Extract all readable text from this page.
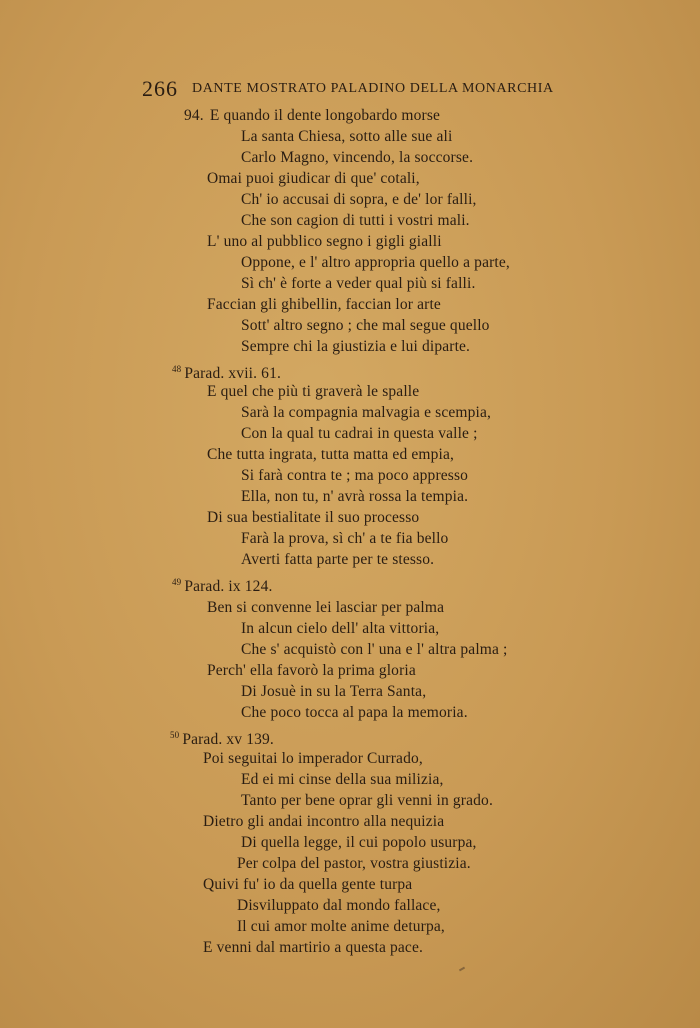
266 DANTE MOSTRATO PALADINO DELLA MONARCHIA
94. E quando il dente longobardo morse
La santa Chiesa, sotto alle sue ali
Carlo Magno, vincendo, la soccorse.
Omai puoi giudicar di que' cotali,
Ch' io accusai di sopra, e de' lor falli,
Che son cagion di tutti i vostri mali.
L' uno al pubblico segno i gigli gialli
Oppone, e l' altro appropria quello a parte,
Sì ch' è forte a veder qual più si falli.
Faccian gli ghibellin, faccian lor arte
Sott' altro segno ; che mal segue quello
Sempre chi la giustizia e lui diparte.
$^{48}$ Parad. xvii. 61.
E quel che più ti graverà le spalle
Sarà la compagnia malvagia e scempia,
Con la qual tu cadrai in questa valle ;
Che tutta ingrata, tutta matta ed empia,
Si farà contra te ; ma poco appresso
Ella, non tu, n' avrà rossa la tempia.
Di sua bestialitate il suo processo
Farà la prova, sì ch' a te fia bello
Averti fatta parte per te stesso.
$^{49}$ Parad. ix 124.
Ben si convenne lei lasciar per palma
In alcun cielo dell' alta vittoria,
Che s' acquistò con l' una e l' altra palma ;
Perch' ella favorò la prima gloria
Di Josuè in su la Terra Santa,
Che poco tocca al papa la memoria.
$^{50}$ Parad. xv 139.
Poi seguitai lo imperador Currado,
Ed ei mi cinse della sua milizia,
Tanto per bene oprar gli venni in grado.
Dietro gli andai incontro alla nequizia
Di quella legge, il cui popolo usurpa,
Per colpa del pastor, vostra giustizia.
Quivi fu' io da quella gente turpa
Disviluppato dal mondo fallace,
Il cui amor molte anime deturpa,
E venni dal martirio a questa pace.
